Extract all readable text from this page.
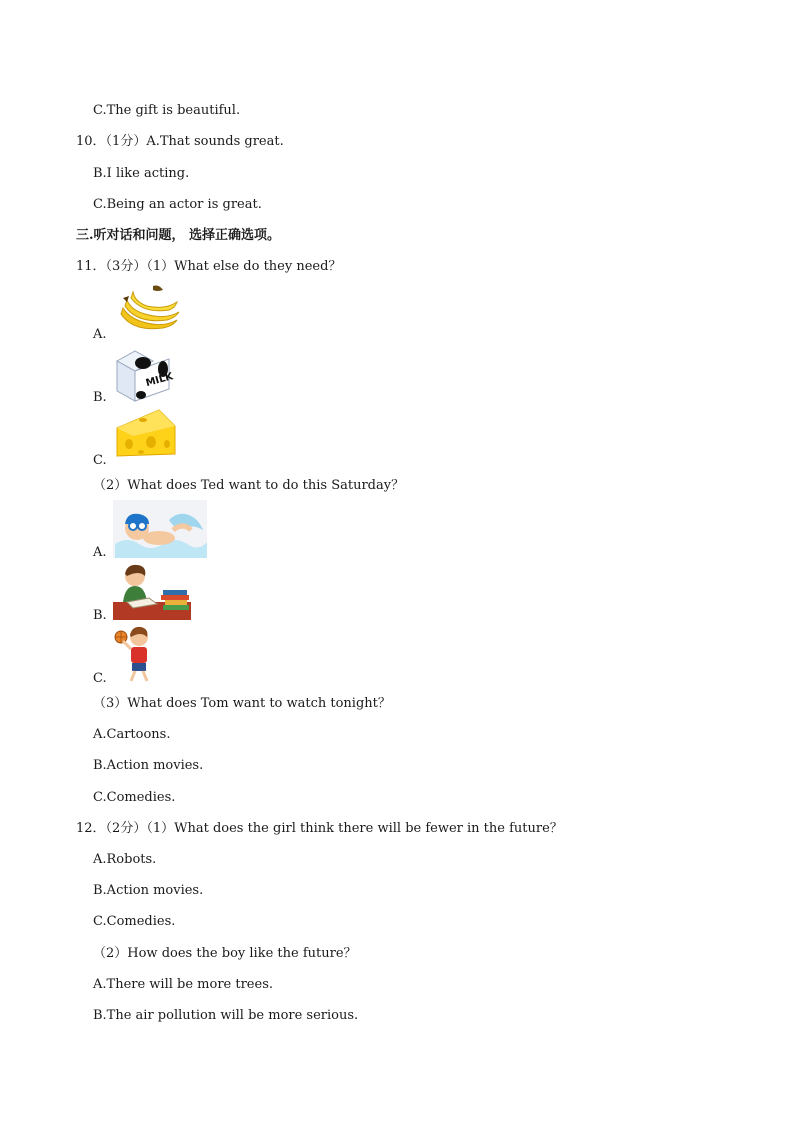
C.The gift is beautiful.
10．（1分）A.That sounds great.
B.I like acting.
C.Being an actor is great.
三.听对话和问题， 选择正确选项。
11．（3分）（1）What else do they need？
A.
B.
MILK
C.
（2）What does Ted want to do this Saturday？
A.
B.
C.
（3）What does Tom want to watch tonight？
A.Cartoons.
B.Action movies.
C.Comedies.
12．（2分）（1）What does the girl think there will be fewer in the future？
A.Robots.
B.Action movies.
C.Comedies.
（2）How does the boy like the future？
A.There will be more trees.
B.The air pollution will be more serious.
